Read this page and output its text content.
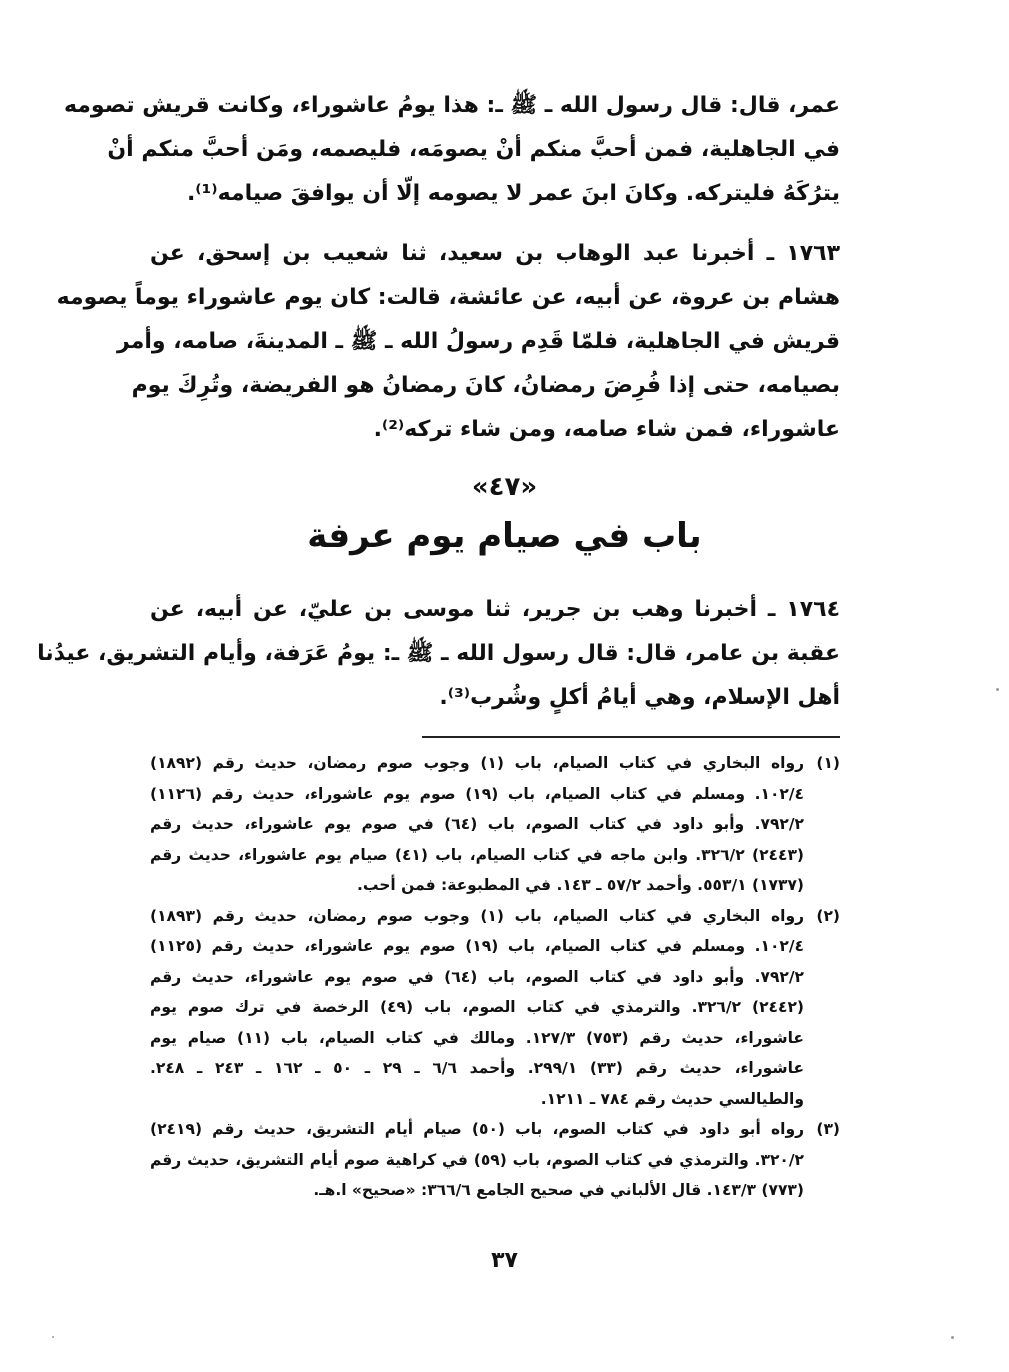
عمر، قال: قال رسول الله ـ ﷺ ـ: هذا يومُ عاشوراء، وكانت قريش تصومه
في الجاهلية، فمن أحبَّ منكم أنْ يصومَه، فليصمه، ومَن أحبَّ منكم أنْ
يترُكَهُ فليتركه. وكانَ ابنَ عمر لا يصومه إلّا أن يوافقَ صيامه⁽¹⁾.
١٧٦٣ ـ أخبرنا عبد الوهاب بن سعيد، ثنا شعيب بن إسحق، عن
هشام بن عروة، عن أبيه، عن عائشة، قالت: كان يوم عاشوراء يوماً يصومه
قريش في الجاهلية، فلمّا قَدِم رسولُ الله ـ ﷺ ـ المدينةَ، صامه، وأمر
بصيامه، حتى إذا فُرِضَ رمضانُ، كانَ رمضانُ هو الفريضة، وتُرِكَ يوم
عاشوراء، فمن شاء صامه، ومن شاء تركه⁽²⁾.
«٤٧»
باب في صيام يوم عرفة
١٧٦٤ ـ أخبرنا وهب بن جرير، ثنا موسى بن عليّ، عن أبيه، عن
عقبة بن عامر، قال: قال رسول الله ـ ﷺ ـ: يومُ عَرَفة، وأيام التشريق، عيدُنا
أهل الإسلام، وهي أيامُ أكلٍ وشُرب⁽³⁾.
(١)
رواه البخاري في كتاب الصيام، باب (١) وجوب صوم رمضان، حديث رقم (١٨٩٢)
١٠٢/٤. ومسلم في كتاب الصيام، باب (١٩) صوم يوم عاشوراء، حديث رقم (١١٢٦)
٧٩٢/٢. وأبو داود في كتاب الصوم، باب (٦٤) في صوم يوم عاشوراء، حديث رقم
(٢٤٤٣) ٣٢٦/٢. وابن ماجه في كتاب الصيام، باب (٤١) صيام يوم عاشوراء، حديث رقم
(١٧٣٧) ٥٥٣/١. وأحمد ٥٧/٢ ـ ١٤٣. في المطبوعة: فمن أحب.
(٢)
رواه البخاري في كتاب الصيام، باب (١) وجوب صوم رمضان، حديث رقم (١٨٩٣)
١٠٢/٤. ومسلم في كتاب الصيام، باب (١٩) صوم يوم عاشوراء، حديث رقم (١١٢٥)
٧٩٢/٢. وأبو داود في كتاب الصوم، باب (٦٤) في صوم يوم عاشوراء، حديث رقم
(٢٤٤٢) ٣٢٦/٢. والترمذي في كتاب الصوم، باب (٤٩) الرخصة في ترك صوم يوم
عاشوراء، حديث رقم (٧٥٣) ١٢٧/٣. ومالك في كتاب الصيام، باب (١١) صيام يوم
عاشوراء، حديث رقم (٣٣) ٢٩٩/١. وأحمد ٦/٦ ـ ٢٩ ـ ٥٠ ـ ١٦٢ ـ ٢٤٣ ـ ٢٤٨.
والطيالسي حديث رقم ٧٨٤ ـ ١٢١١.
(٣)
رواه أبو داود في كتاب الصوم، باب (٥٠) صيام أيام التشريق، حديث رقم (٢٤١٩)
٣٢٠/٢. والترمذي في كتاب الصوم، باب (٥٩) في كراهية صوم أيام التشريق، حديث رقم
(٧٧٣) ١٤٣/٣. قال الألباني في صحيح الجامع ٣٦٦/٦: «صحيح» ا.هـ.
٣٧
